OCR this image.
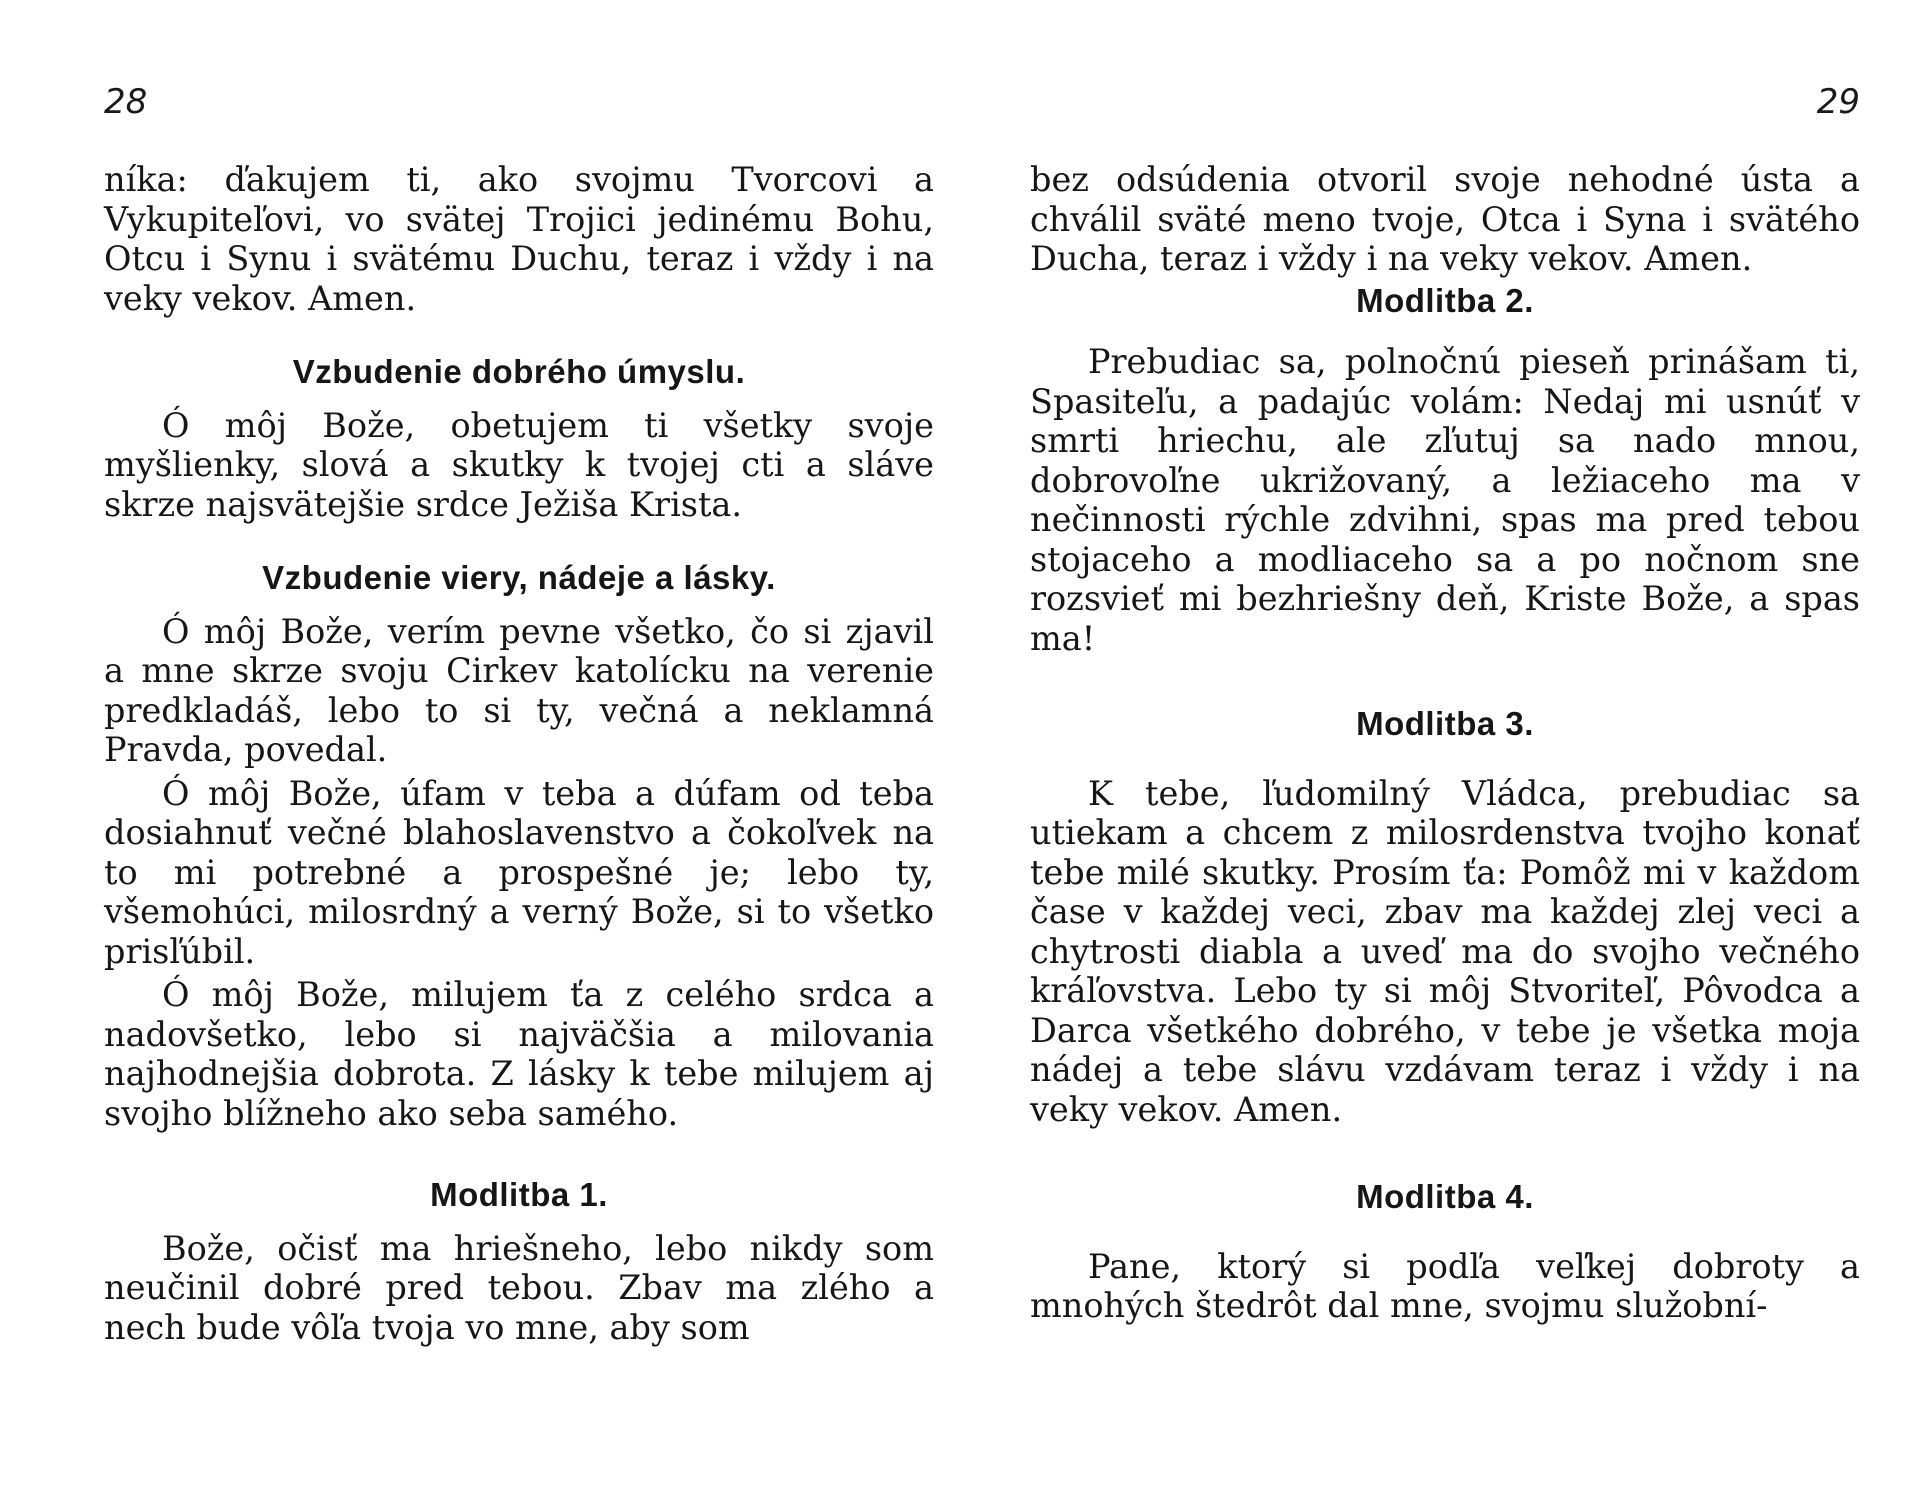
28

níka: ďakujem ti, ako svojmu Tvorcovi a Vykupiteľovi, vo svätej Trojici jedinému Bohu, Otcu i Synu i svätému Duchu, teraz i vždy i na veky vekov. Amen.

Vzbudenie dobrého úmyslu.

Ó môj Bože, obetujem ti všetky svoje myšlienky, slová a skutky k tvojej cti a sláve skrze najsvätejšie srdce Ježiša Krista.

Vzbudenie viery, nádeje a lásky.

Ó môj Bože, verím pevne všetko, čo si zjavil a mne skrze svoju Cirkev katolícku na verenie predkladáš, lebo to si ty, večná a neklamná Pravda, povedal.

Ó môj Bože, úfam v teba a dúfam od teba dosiahnuť večné blahoslavenstvo a čokoľvek na to mi potrebné a prospešné je; lebo ty, všemohúci, milosrdný a verný Bože, si to všetko prisľúbil.

Ó môj Bože, milujem ťa z celého srdca a nadovšetko, lebo si najväčšia a milovania najhodnejšia dobrota. Z lásky k tebe milujem aj svojho blížneho ako seba samého.

Modlitba 1.

Bože, očisť ma hriešneho, lebo nikdy som neučinil dobré pred tebou. Zbav ma zlého a nech bude vôľa tvoja vo mne, aby som

29

bez odsúdenia otvoril svoje nehodné ústa a chválil sväté meno tvoje, Otca i Syna i svätého Ducha, teraz i vždy i na veky vekov. Amen.

Modlitba 2.

Prebudiac sa, polnočnú pieseň prinášam ti, Spasiteľu, a padajúc volám: Nedaj mi usnúť v smrti hriechu, ale zľutuj sa nado mnou, dobrovoľne ukrižovaný, a ležiaceho ma v nečinnosti rýchle zdvihni, spas ma pred tebou stojaceho a modliaceho sa a po nočnom sne rozsvieť mi bezhriešny deň, Kriste Bože, a spas ma!

Modlitba 3.

K tebe, ľudomilný Vládca, prebudiac sa utiekam a chcem z milosrdenstva tvojho konať tebe milé skutky. Prosím ťa: Pomôž mi v každom čase v každej veci, zbav ma každej zlej veci a chytrosti diabla a uveď ma do svojho večného kráľovstva. Lebo ty si môj Stvoriteľ, Pôvodca a Darca všetkého dobrého, v tebe je všetka moja nádej a tebe slávu vzdávam teraz i vždy i na veky vekov. Amen.

Modlitba 4.

Pane, ktorý si podľa veľkej dobroty a mnohých štedrôt dal mne, svojmu služobní-
